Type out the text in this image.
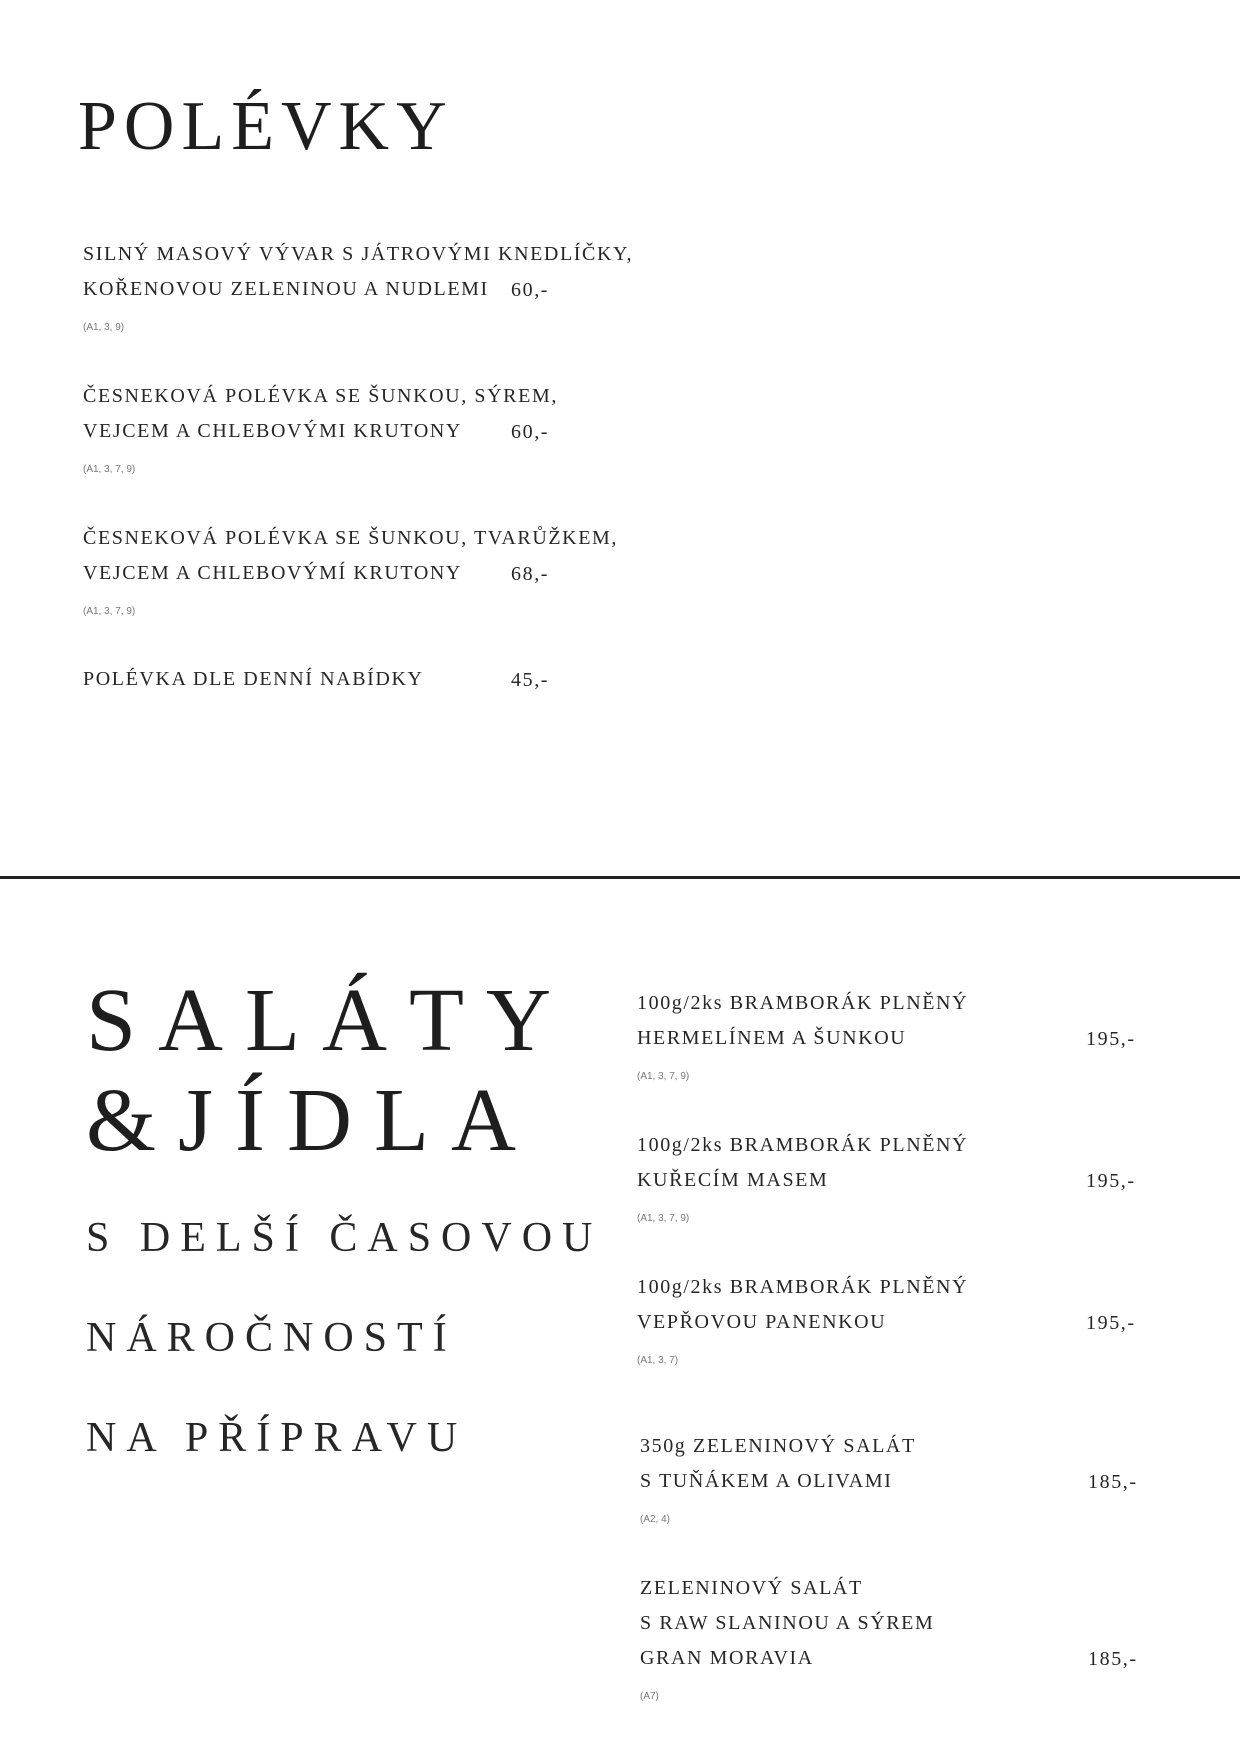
POLÉVKY
SILNÝ MASOVÝ VÝVAR S JÁTROVÝMI KNEDLÍČKY,
KOŘENOVOU ZELENINOU A NUDLEMI 60,-
(A1, 3, 9)
ČESNEKOVÁ POLÉVKA SE ŠUNKOU, SÝREM,
VEJCEM A CHLEBOVÝMI KRUTONY 60,-
(A1, 3, 7, 9)
ČESNEKOVÁ POLÉVKA SE ŠUNKOU, TVARŮŽKEM,
VEJCEM A CHLEBOVÝMÍ KRUTONY 68,-
(A1, 3, 7, 9)
POLÉVKA DLE DENNÍ NABÍDKY	45,-
SALÁTY
&JÍDLA
S DELŠÍ ČASOVOU
NÁROČNOSTÍ
NA PŘÍPRAVU
100g/2ks BRAMBORÁK PLNĚNÝ
HERMELÍNEM A ŠUNKOU	195,-
(A1, 3, 7, 9)
100g/2ks BRAMBORÁK PLNĚNÝ
KUŘECÍM MASEM	195,-
(A1, 3, 7, 9)
100g/2ks BRAMBORÁK PLNĚNÝ
VEPŘOVOU PANENKOU	195,-
(A1, 3, 7)
350g ZELENINOVÝ SALÁT
S TUŇÁKEM A OLIVAMI	185,-
(A2, 4)
ZELENINOVÝ SALÁT
S RAW SLANINOU A SÝREM
GRAN MORAVIA	185,-
(A7)
